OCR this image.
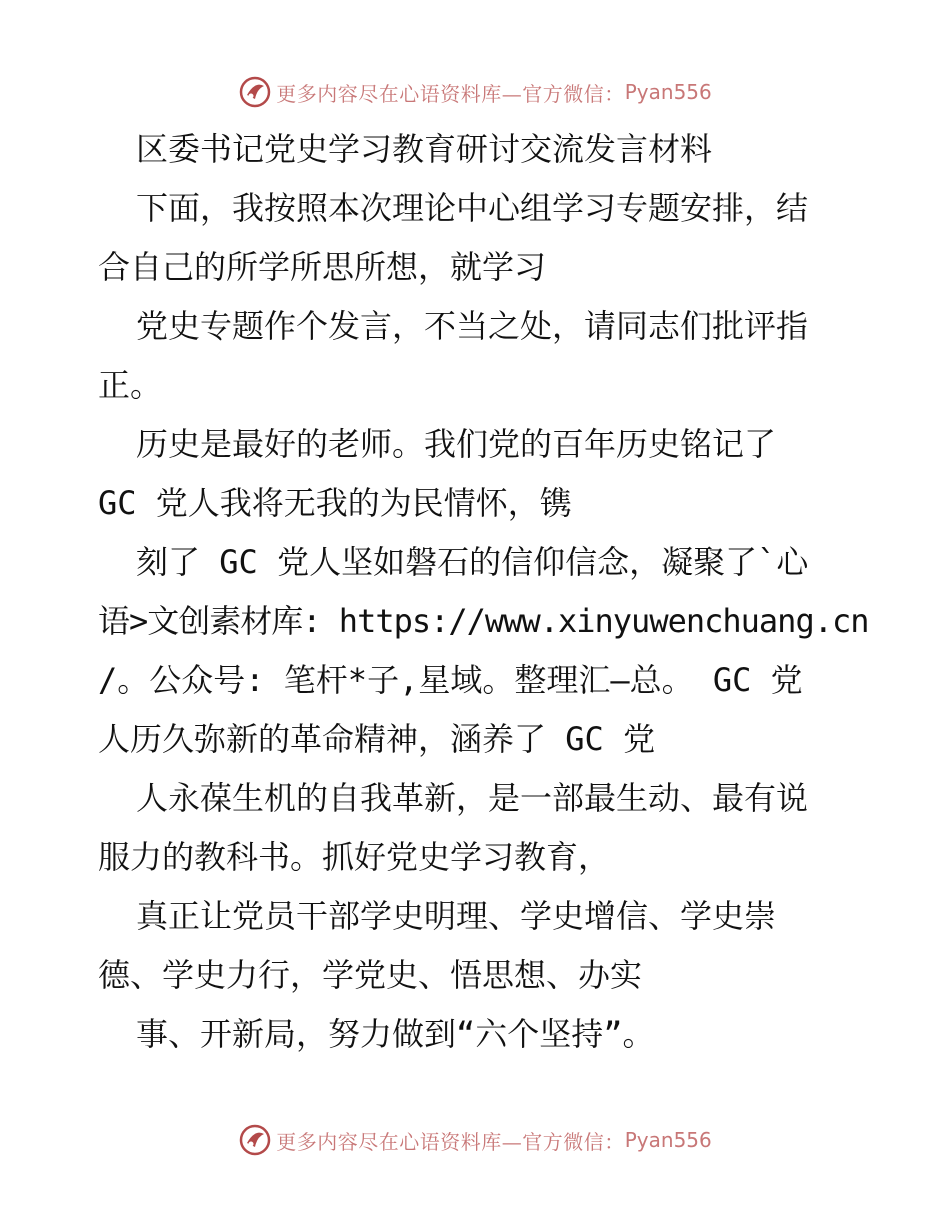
更多内容尽在心语资料库—官方微信： Pyan556
区委书记党史学习教育研讨交流发言材料
下面，我按照本次理论中心组学习专题安排，结
合自己的所学所思所想，就学习
党史专题作个发言，不当之处，请同志们批评指
正。
历史是最好的老师。我们党的百年历史铭记了
GC 党人我将无我的为民情怀，镌
刻了 GC 党人坚如磐石的信仰信念，凝聚了`心
语>文创素材库: https://www.xinyuwenchuang.cn
/。公众号: 笔杆*子,星域。整理汇—总。 GC 党
人历久弥新的革命精神，涵养了 GC 党
人永葆生机的自我革新，是一部最生动、最有说
服力的教科书。抓好党史学习教育，
真正让党员干部学史明理、学史增信、学史崇
德、学史力行，学党史、悟思想、办实
事、开新局，努力做到“六个坚持”。
更多内容尽在心语资料库—官方微信： Pyan556
